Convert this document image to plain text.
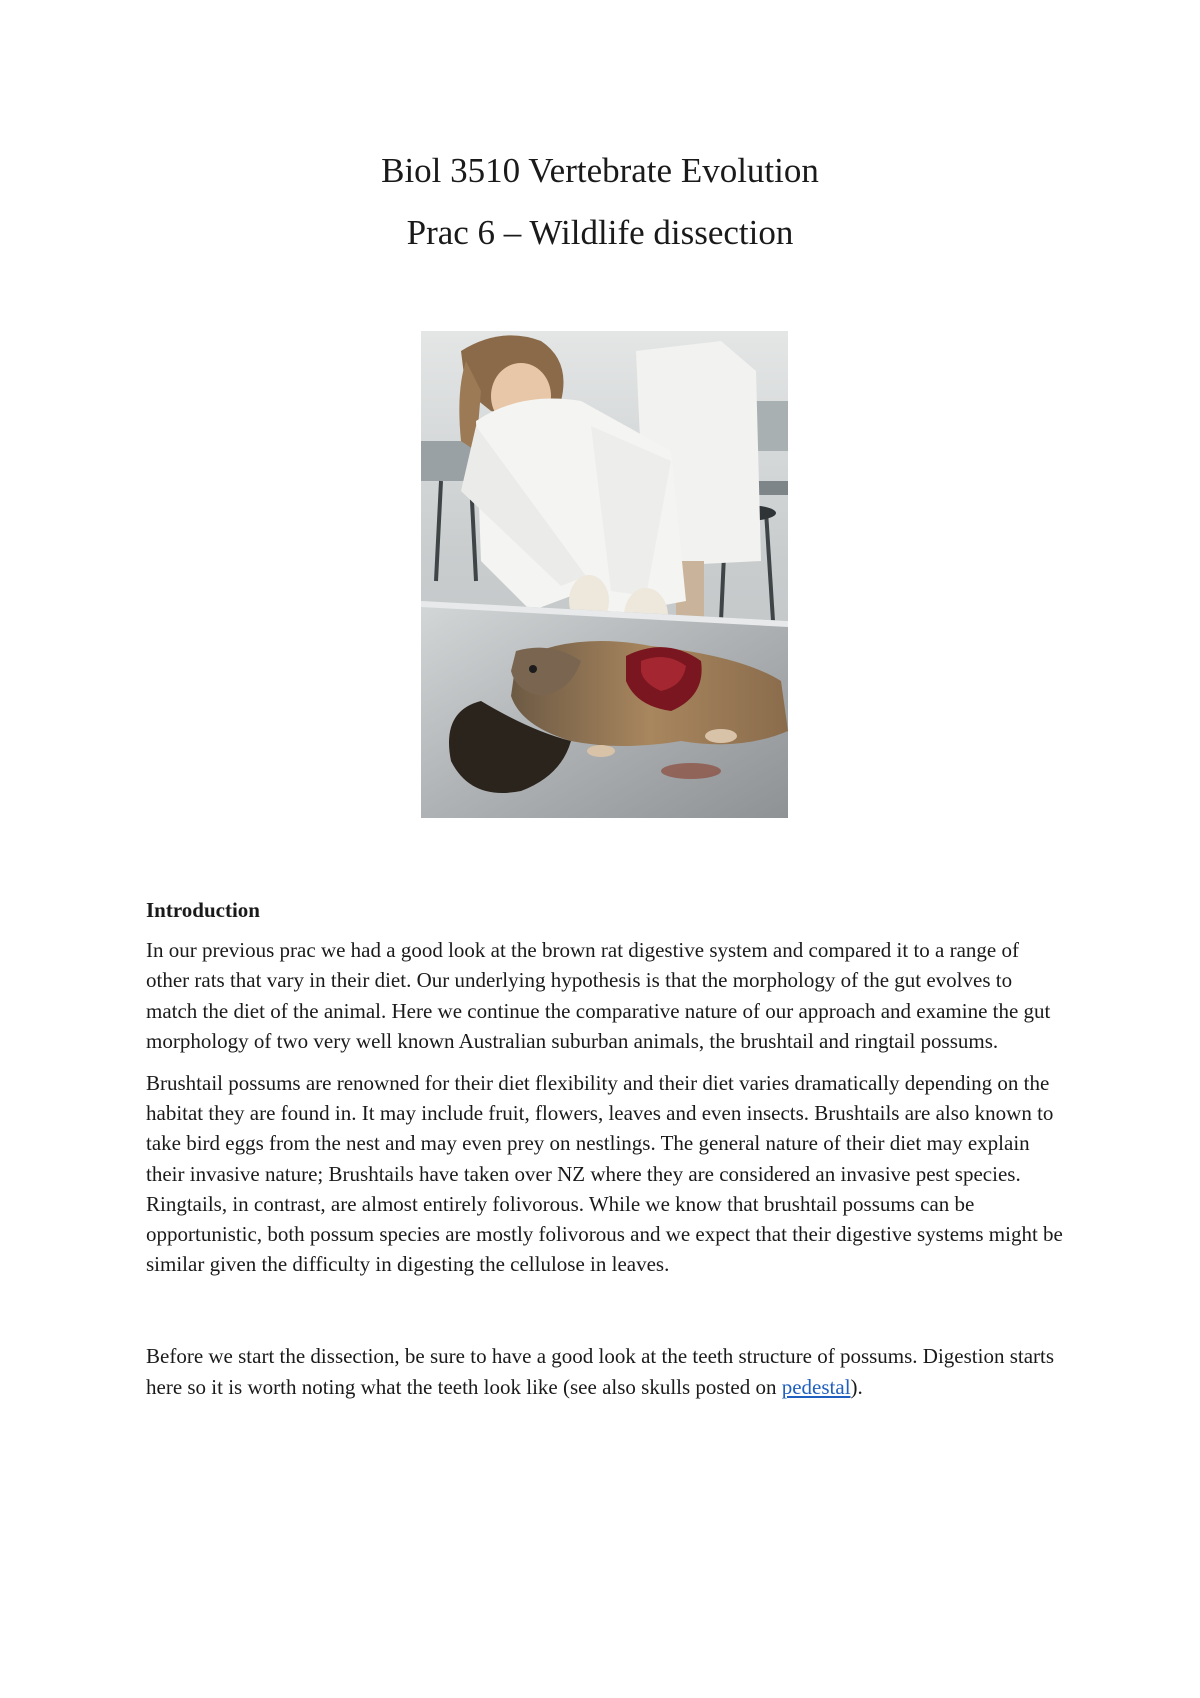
Biol 3510 Vertebrate Evolution
Prac 6 – Wildlife dissection

Introduction

In our previous prac we had a good look at the brown rat digestive system and compared it to a range of other rats that vary in their diet. Our underlying hypothesis is that the morphology of the gut evolves to match the diet of the animal. Here we continue the comparative nature of our approach and examine the gut morphology of two very well known Australian suburban animals, the brushtail and ringtail possums.

Brushtail possums are renowned for their diet flexibility and their diet varies dramatically depending on the habitat they are found in. It may include fruit, flowers, leaves and even insects. Brushtails are also known to take bird eggs from the nest and may even prey on nestlings. The general nature of their diet may explain their invasive nature; Brushtails have taken over NZ where they are considered an invasive pest species. Ringtails, in contrast, are almost entirely folivorous. While we know that brushtail possums can be opportunistic, both possum species are mostly folivorous and we expect that their digestive systems might be similar given the difficulty in digesting the cellulose in leaves.

Before we start the dissection, be sure to have a good look at the teeth structure of possums. Digestion starts here so it is worth noting what the teeth look like (see also skulls posted on pedestal).
